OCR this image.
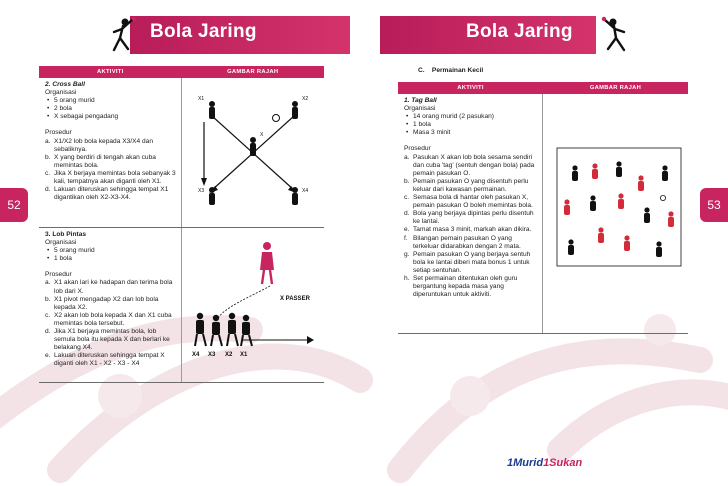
Bola Jaring	Bola Jaring
52	53
AKTIVITI	GAMBAR RAJAH
2. Cross Ball
Organisasi
• 5 orang murid
• 2 bola
• X sebagai pengadang
Prosedur
a. X1/X2 lob bola kepada X3/X4 dan sebaliknya.
b. X yang berdiri di tengah akan cuba memintas bola.
c. Jika X berjaya memintas bola sebanyak 3 kali, tempatnya akan diganti oleh X1.
d. Lakuan diteruskan sehingga tempat X1 digantikan oleh X2-X3-X4.
X1	X2
X
X3	X4
3. Lob Pintas
Organisasi
• 5 orang murid
• 1 bola
Prosedur
a. X1 akan lari ke hadapan dan terima bola lob dari X.
b. X1 pivot mengadap X2 dan lob bola kepada X2.
c. X2 akan lob bola kepada X dan X1 cuba memintas bola tersebut.
d. Jika X1 berjaya memintas bola, lob semula bola itu kepada X dan berlari ke belakang X4.
e. Lakuan diteruskan sehingga tempat X diganti oleh X1 - X2 - X3 - X4
X PASSER
X4 X3 X2 X1
C. Permainan Kecil
AKTIVITI	GAMBAR RAJAH
1. Tag Ball
Organisasi
• 14 orang murid (2 pasukan)
• 1 bola
• Masa 3 minit
Prosedur
a. Pasukan X akan lob bola sesama sendiri dan cuba 'tag' (sentuh dengan bola) pada pemain pasukan O.
b. Pemain pasukan O yang disentuh perlu keluar dari kawasan permainan.
c. Semasa bola di hantar oleh pasukan X, pemain pasukan O boleh memintas bola.
d. Bola yang berjaya dipintas perlu disentuh ke lantai.
e. Tamat masa 3 minit, markah akan dikira.
f. Bilangan pemain pasukan O yang terkeluar didarabkan dengan 2 mata.
g. Pemain pasukan O yang berjaya sentuh bola ke lantai diberi mata bonus 1 untuk setiap sentuhan.
h. Set permainan ditentukan oleh guru bergantung kepada masa yang diperuntukan untuk aktiviti.
1Murid1Sukan
